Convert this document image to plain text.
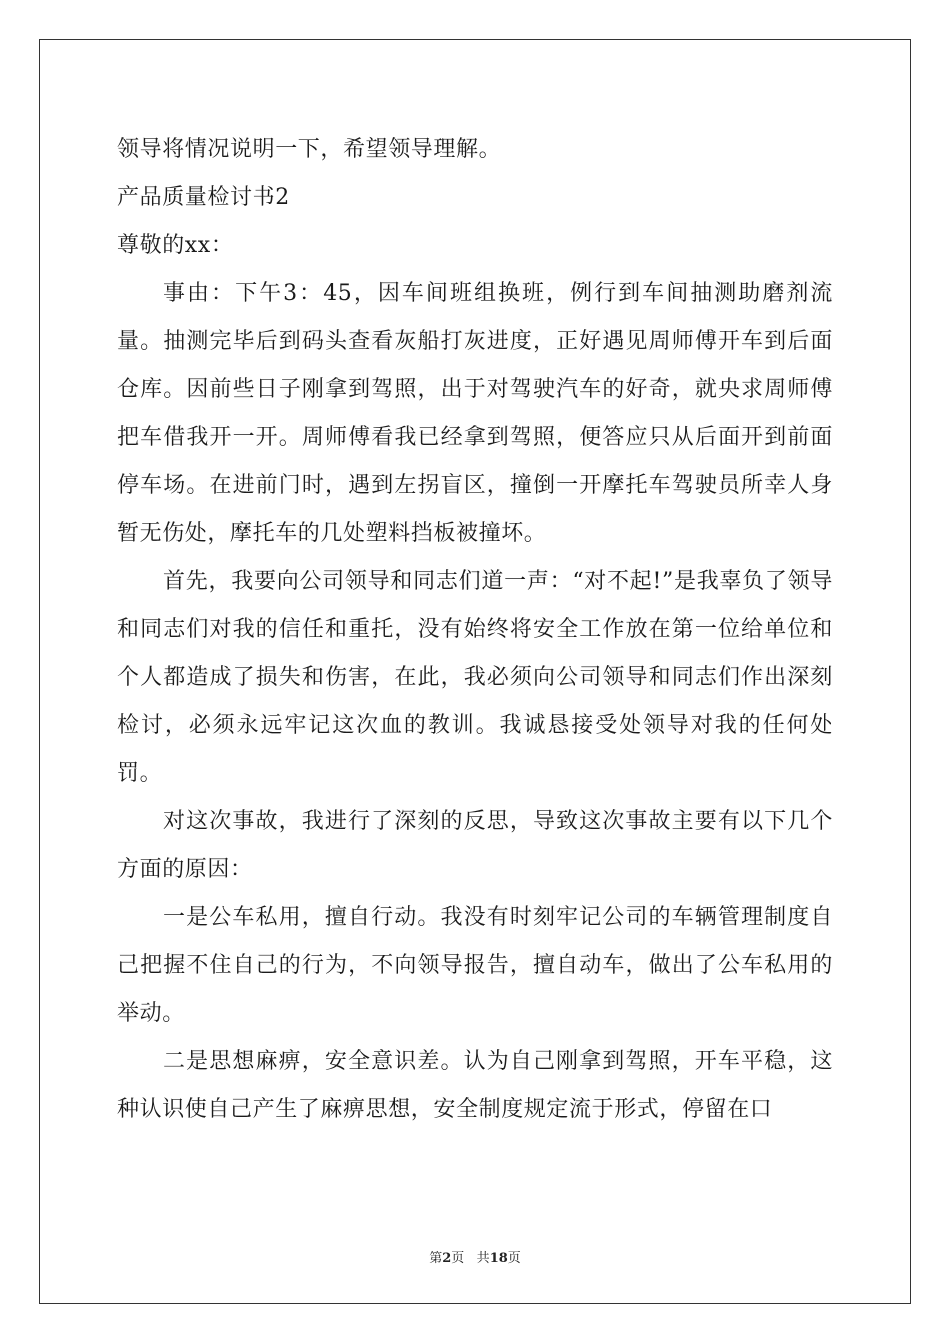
领导将情况说明一下，希望领导理解。
产品质量检讨书2
尊敬的xx：

事由：下午3：45，因车间班组换班，例行到车间抽测助磨剂流量。抽测完毕后到码头查看灰船打灰进度，正好遇见周师傅开车到后面仓库。因前些日子刚拿到驾照，出于对驾驶汽车的好奇，就央求周师傅把车借我开一开。周师傅看我已经拿到驾照，便答应只从后面开到前面停车场。在进前门时，遇到左拐盲区，撞倒一开摩托车驾驶员所幸人身暂无伤处，摩托车的几处塑料挡板被撞坏。

首先，我要向公司领导和同志们道一声：“对不起!”是我辜负了领导和同志们对我的信任和重托，没有始终将安全工作放在第一位给单位和个人都造成了损失和伤害，在此，我必须向公司领导和同志们作出深刻检讨，必须永远牢记这次血的教训。我诚恳接受处领导对我的任何处罚。

对这次事故，我进行了深刻的反思，导致这次事故主要有以下几个方面的原因：

一是公车私用，擅自行动。我没有时刻牢记公司的车辆管理制度自己把握不住自己的行为，不向领导报告，擅自动车，做出了公车私用的举动。

二是思想麻痹，安全意识差。认为自己刚拿到驾照，开车平稳，这种认识使自己产生了麻痹思想，安全制度规定流于形式，停留在口

第2页 共18页
